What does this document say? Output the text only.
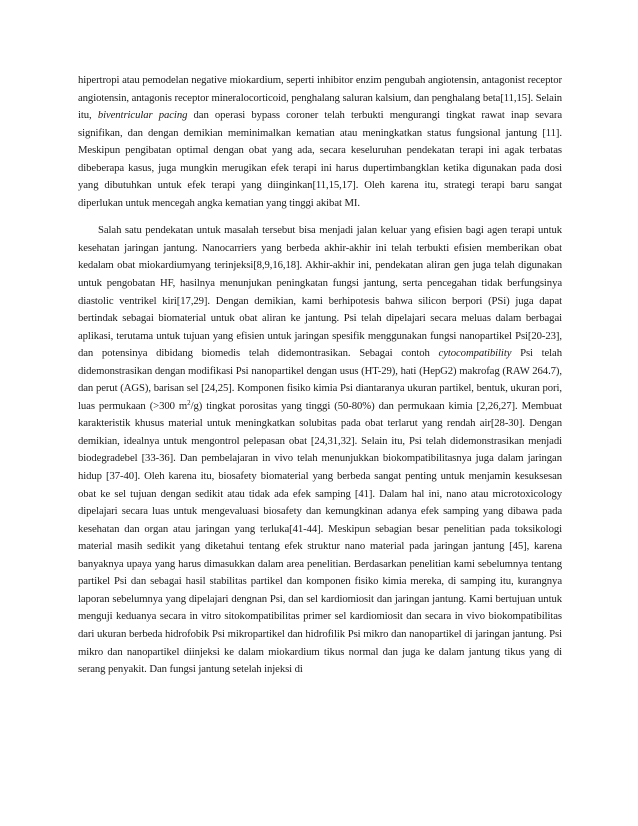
hipertropi atau pemodelan negative miokardium, seperti inhibitor enzim pengubah angiotensin, antagonist receptor angiotensin, antagonis receptor mineralocorticoid, penghalang saluran kalsium, dan penghalang beta[11,15]. Selain itu, biventricular pacing dan operasi bypass coroner telah terbukti mengurangi tingkat rawat inap sevara signifikan, dan dengan demikian meminimalkan kematian atau meningkatkan status fungsional jantung [11]. Meskipun pengibatan optimal dengan obat yang ada, secara keseluruhan pendekatan terapi ini agak terbatas dibeberapa kasus, juga mungkin merugikan efek terapi ini harus dupertimbangklan ketika digunakan pada dosi yang dibutuhkan untuk efek terapi yang diinginkan[11,15,17]. Oleh karena itu, strategi terapi baru sangat diperlukan untuk mencegah angka kematian yang tinggi akibat MI.

Salah satu pendekatan untuk masalah tersebut bisa menjadi jalan keluar yang efisien bagi agen terapi untuk kesehatan jaringan jantung. Nanocarriers yang berbeda akhir-akhir ini telah terbukti efisien memberikan obat kedalam obat miokardiumyang terinjeksi[8,9,16,18]. Akhir-akhir ini, pendekatan aliran gen juga telah digunakan untuk pengobatan HF, hasilnya menunjukan peningkatan fungsi jantung, serta pencegahan tidak berfungsinya diastolic ventrikel kiri[17,29]. Dengan demikian, kami berhipotesis bahwa silicon berpori (PSi) juga dapat bertindak sebagai biomaterial untuk obat aliran ke jantung. Psi telah dipelajari secara meluas dalam berbagai aplikasi, terutama untuk tujuan yang efisien untuk jaringan spesifik menggunakan fungsi nanopartikel Psi[20-23], dan potensinya dibidang biomedis telah didemontrasikan. Sebagai contoh cytocompatibility Psi telah didemonstrasikan dengan modifikasi Psi nanopartikel dengan usus (HT-29), hati (HepG2) makrofag (RAW 264.7), dan perut (AGS), barisan sel [24,25]. Komponen fisiko kimia Psi diantaranya ukuran partikel, bentuk, ukuran pori, luas permukaan (>300 $m^2/g$) tingkat porositas yang tinggi (50-80%) dan permukaan kimia [2,26,27]. Membuat karakteristik khusus material untuk meningkatkan solubitas pada obat terlarut yang rendah air[28-30]. Dengan demikian, idealnya untuk mengontrol pelepasan obat [24,31,32]. Selain itu, Psi telah didemonstrasikan menjadi biodegradebel [33-36]. Dan pembelajaran in vivo telah menunjukkan biokompatibilitasnya juga dalam jaringan hidup [37-40]. Oleh karena itu, biosafety biomaterial yang berbeda sangat penting untuk menjamin kesuksesan obat ke sel tujuan dengan sedikit atau tidak ada efek samping [41]. Dalam hal ini, nano atau microtoxicology dipelajari secara luas untuk mengevaluasi biosafety dan kemungkinan adanya efek samping yang dibawa pada kesehatan dan organ atau jaringan yang terluka[41-44]. Meskipun sebagian besar penelitian pada toksikologi material masih sedikit yang diketahui tentang efek struktur nano material pada jaringan jantung [45], karena banyaknya upaya yang harus dimasukkan dalam area penelitian. Berdasarkan penelitian kami sebelumnya tentang partikel Psi dan sebagai hasil stabilitas partikel dan komponen fisiko kimia mereka, di samping itu, kurangnya laporan sebelumnya yang dipelajari dengnan Psi, dan sel kardiomiosit dan jaringan jantung. Kami bertujuan untuk menguji keduanya secara in vitro sitokompatibilitas primer sel kardiomiosit dan secara in vivo biokompatibilitas dari ukuran berbeda hidrofobik Psi mikropartikel dan hidrofilik Psi mikro dan nanopartikel di jaringan jantung. Psi mikro dan nanopartikel diinjeksi ke dalam miokardium tikus normal dan juga ke dalam jantung tikus yang di serang penyakit. Dan fungsi jantung setelah injeksi di
